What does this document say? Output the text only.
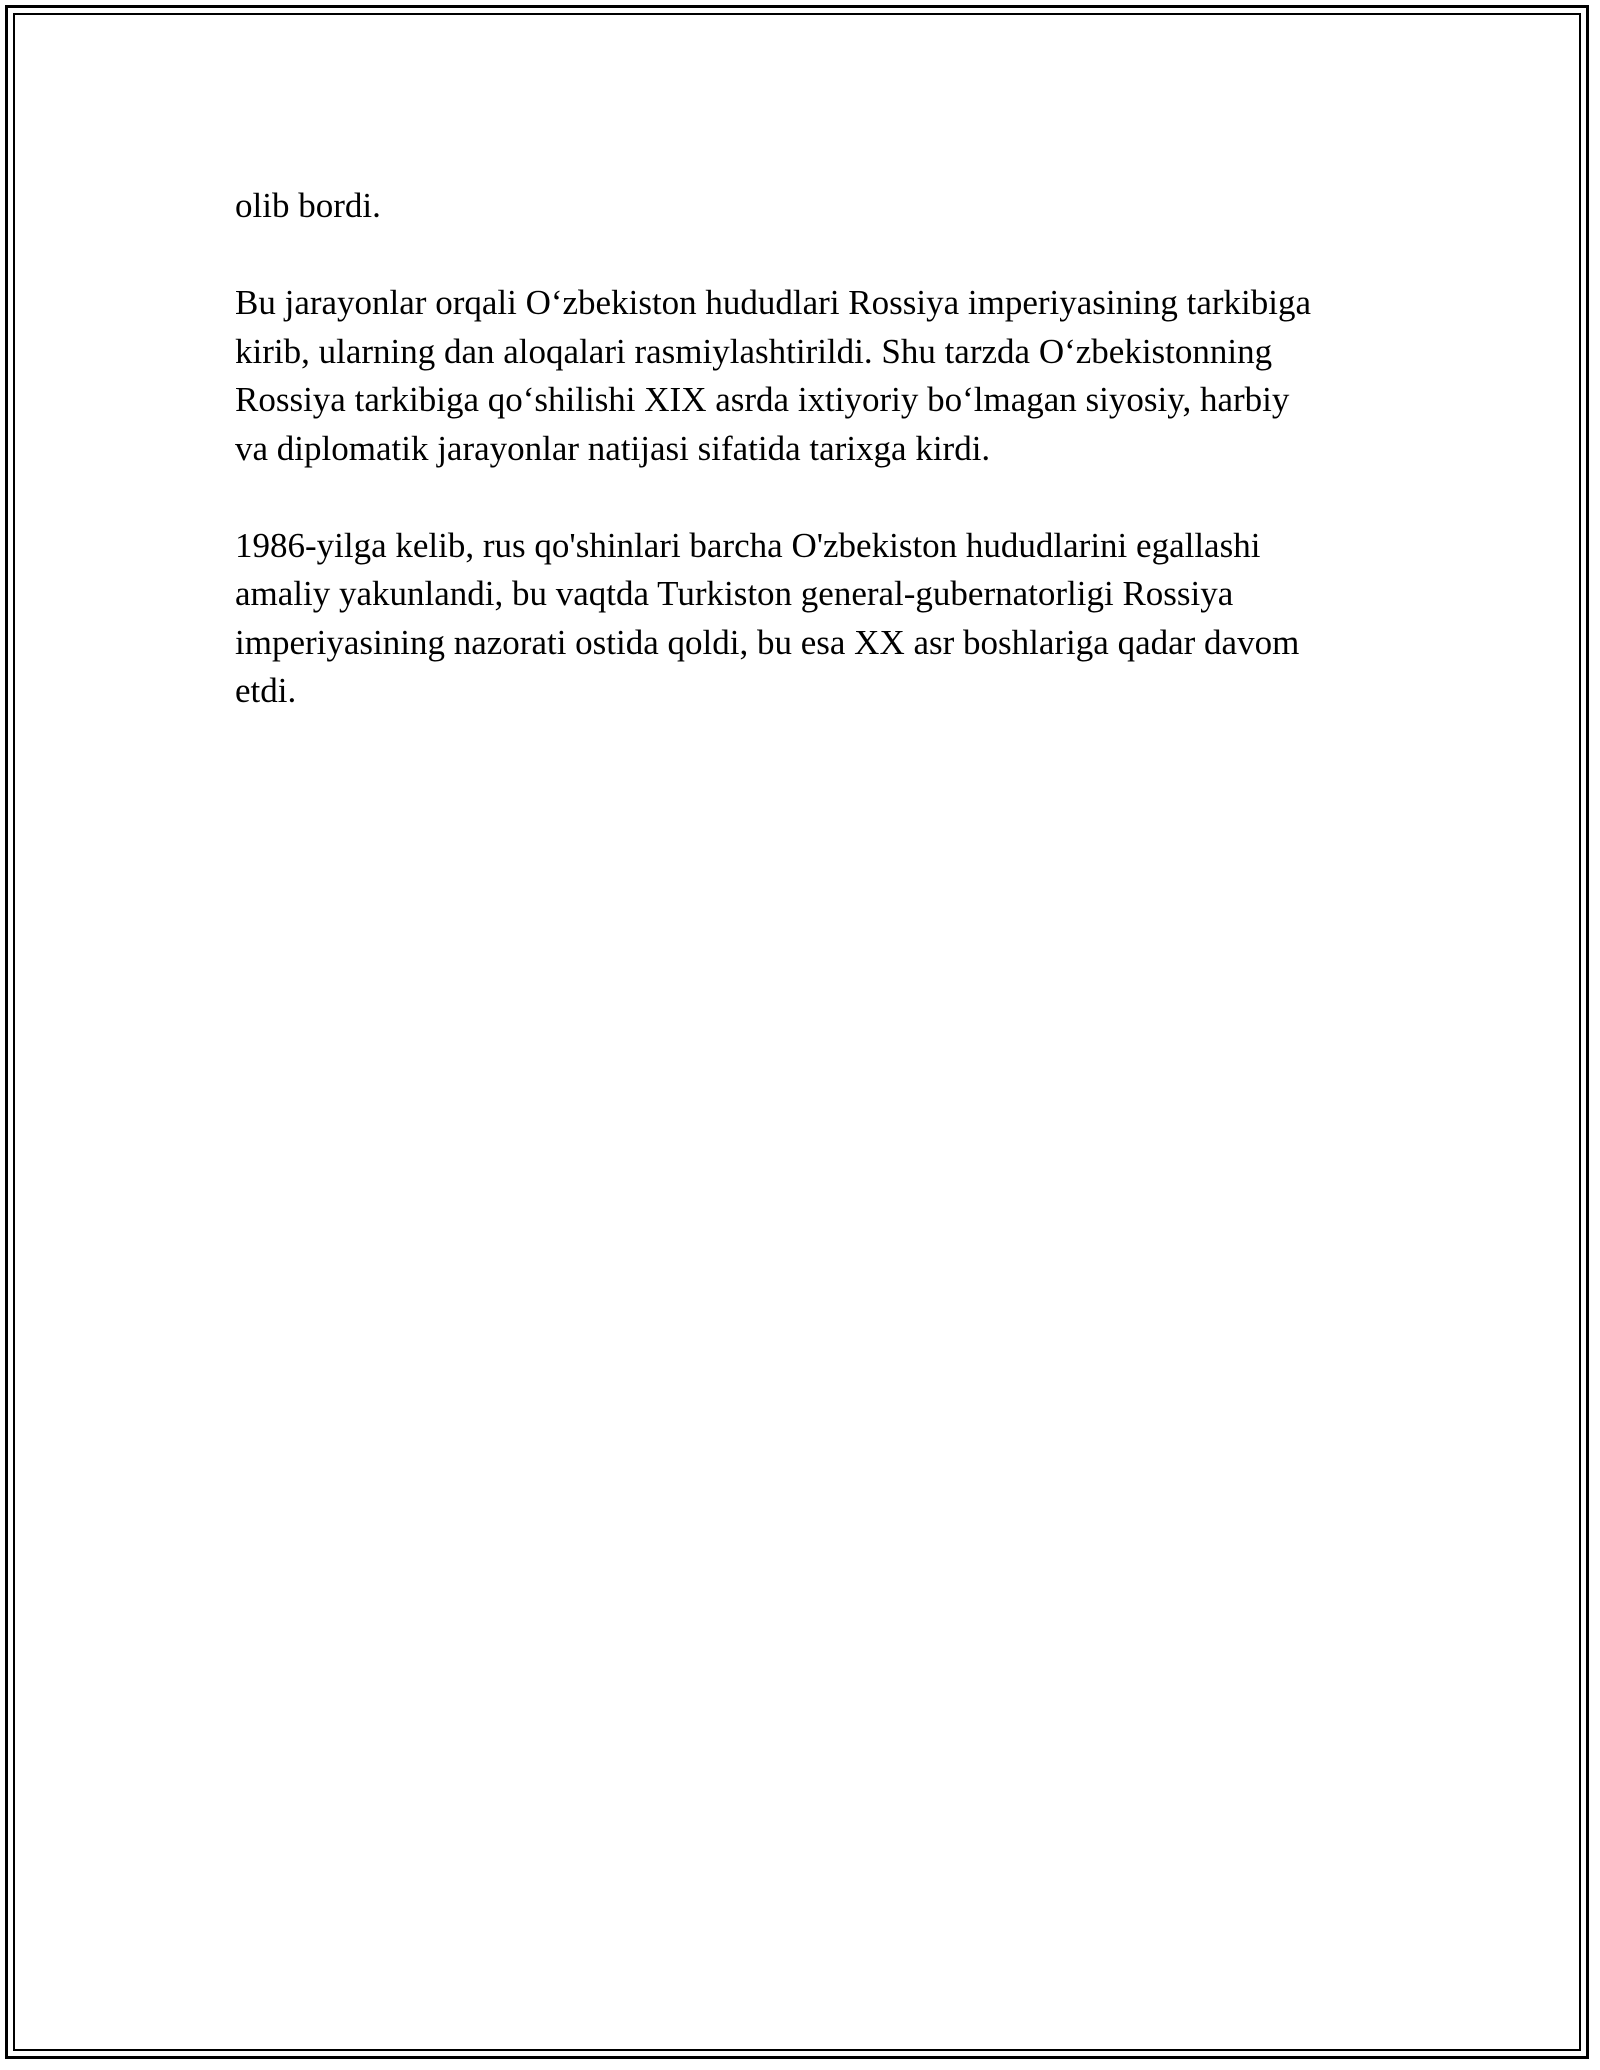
olib bordi.

Bu jarayonlar orqali O‘zbekiston hududlari Rossiya imperiyasining tarkibiga
kirib, ularning dan aloqalari rasmiylashtirildi. Shu tarzda O‘zbekistonning
Rossiya tarkibiga qo‘shilishi XIX asrda ixtiyoriy bo‘lmagan siyosiy, harbiy
va diplomatik jarayonlar natijasi sifatida tarixga kirdi.

1986-yilga kelib, rus qo'shinlari barcha O'zbekiston hududlarini egallashi
amaliy yakunlandi, bu vaqtda Turkiston general-gubernatorligi Rossiya
imperiyasining nazorati ostida qoldi, bu esa XX asr boshlariga qadar davom
etdi.
